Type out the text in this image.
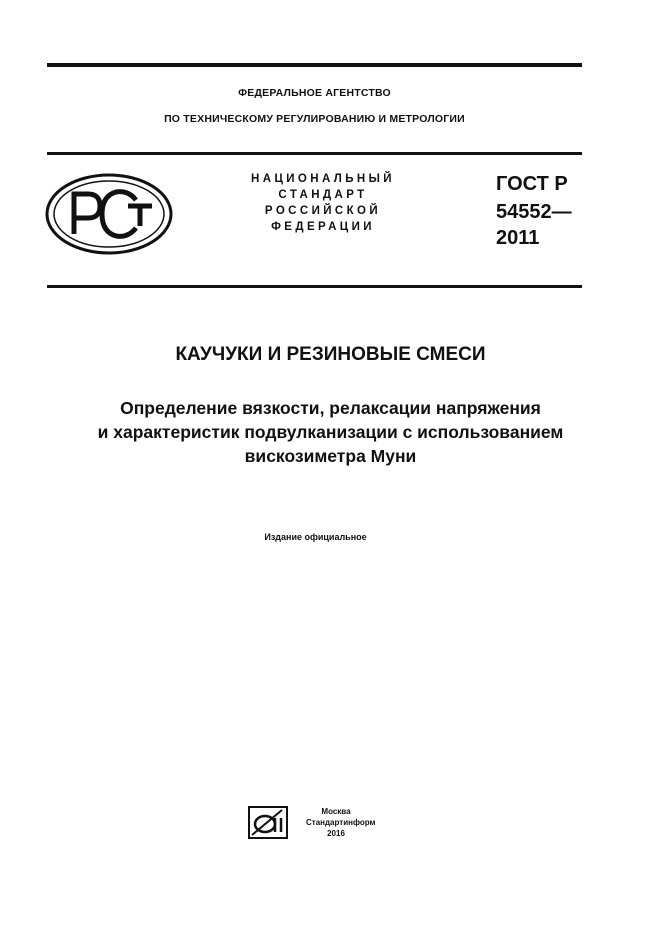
ФЕДЕРАЛЬНОЕ АГЕНТСТВО
ПО ТЕХНИЧЕСКОМУ РЕГУЛИРОВАНИЮ И МЕТРОЛОГИИ
НАЦИОНАЛЬНЫЙ
СТАНДАРТ
РОССИЙСКОЙ
ФЕДЕРАЦИИ
ГОСТ Р
54552—
2011
КАУЧУКИ И РЕЗИНОВЫЕ СМЕСИ
Определение вязкости, релаксации напряжения
и характеристик подвулканизации с использованием
вискозиметра Муни
Издание официальное
Москва
Стандартинформ
2016
